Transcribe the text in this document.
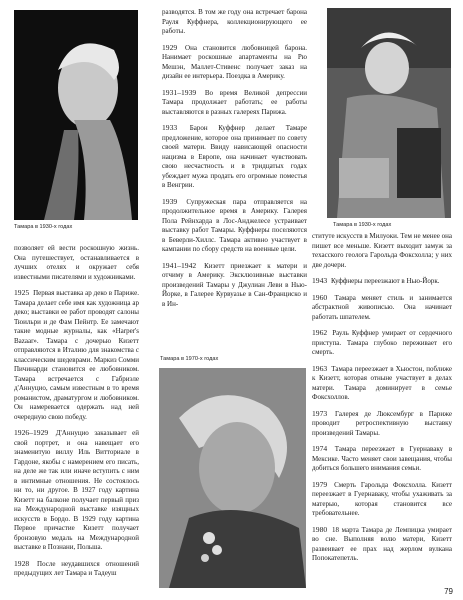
Тамара в 1930-х годах	Тамара в 1930-х годах
Тамара в 1970-х годах

позволяет ей вести роскошную жизнь. Она путешествует, останавливается в лучших отелях и окружает себя известными писателями и художниками.

1925 Первая выставка ар деко в Париже. Тамара делает себе имя как художница ар деко; выставки ее работ проводят салоны Тюильри и де Фам Пейнтр. Ее замечают такие модные журналы, как «Harper's Bazaar». Тамара с дочерью Кизетт отправляются в Италию для знакомства с классическим шедеврами. Маркиз Сомми Пичинарди становится ее любовником. Тамара встречается с Габриэле д'Аннуцио, самым известным в то время романистом, драматургом и любовником. Он намеревается одержать над ней очередную свою победу.

1926–1929 Д'Аннуцио заказывает ей свой портрет, и она навещает его знаменитую виллу Иль Витториале в Гардоне, якобы с намерением его писать, на деле же так или иначе вступить с ним в интимные отношения. Не состоялось ни то, ни другое. В 1927 году картина Кизетт на балконе получает первый приз на Международной выставке изящных искусств в Бордо. В 1929 году картина Первое причастие Кизетт получает бронзовую медаль на Международной выставке в Познани, Польша.

1928 После неудавшихся отношений предыдущих лет Тамара и Тадеуш

разводятся. В том же году она встречает барона Рауля Куффнера, коллекционирующего ее работы.

1929 Она становится любовницей барона. Нанимает роскошные апартаменты на Рю Мешэн, Маллет-Стивенс получает заказ на дизайн ее интерьера. Поездка в Америку.

1931–1939 Во время Великой депрессии Тамара продолжает работать; ее работы выставляются в разных галереях Парижа.

1933 Барон Куффнер делает Тамаре предложение, которое она принимает по совету своей матери. Ввиду нависающей опасности нацизма в Европе, она начинает чувствовать свою несчастность и в тридцатых годах убеждает мужа продать его огромные поместья в Венгрии.

1939 Супружеская пара отправляется на продолжительное время в Америку. Галерея Пола Рейнхарда в Лос-Анджелесе устраивает выставку работ Тамары. Куффнеры поселяются в Беверли-Хиллс. Тамара активно участвует в кампании по сбору средств на военные цели.

1941–1942 Кизетт приезжает к матери и отчиму в Америку. Эксклюзивные выставки произведений Тамары у Джулиан Леви в Нью-Йорке, в Галерее Курвуазье в Сан-Франциско и в Ин-

ституте искусств в Милуоки. Тем не менее она пишет все меньше. Кизетт выходит замуж за техасского геолога Гарольда Фоксхолла; у них две дочери.

1943 Куффнеры переезжают в Нью-Йорк.

1960 Тамара меняет стиль и занимается абстрактной живописью. Она начинает работать шпателем.

1962 Рауль Куффнер умирает от сердечного приступа. Тамара глубоко переживает его смерть.

1963 Тамара переезжает в Хьюстон, поближе к Кизетт, которая отныне участвует в делах матери. Тамара доминирует в семье Фоксхоллов.

1973 Галерея де Люксембург в Париже проводит ретроспективную выставку произведений Тамары.

1974 Тамара переезжает в Гуернаваку в Мексике. Часто меняет свои завещания, чтобы добиться большего внимания семьи.

1979 Смерть Гарольда Фоксхолла. Кизетт переезжает в Гуернаваку, чтобы ухаживать за матерью, которая становится все требовательнее.

1980 18 марта Тамара де Лемпицка умирает во сне. Выполняя волю матери, Кизетт развеивает ее прах над жерлом вулкана Попокатепетль.

79
